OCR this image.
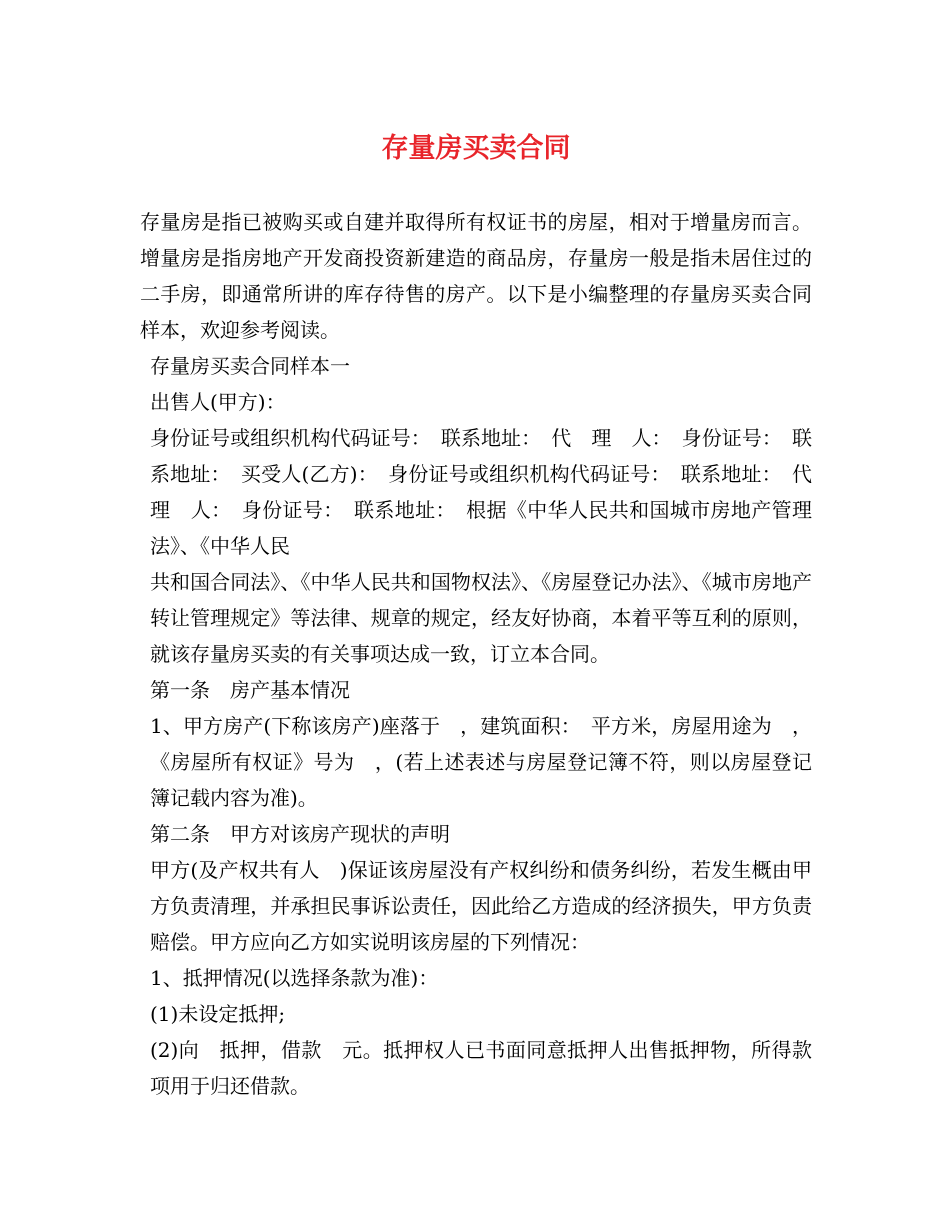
存量房买卖合同

存量房是指已被购买或自建并取得所有权证书的房屋，相对于增量房而言。增量房是指房地产开发商投资新建造的商品房，存量房一般是指未居住过的二手房，即通常所讲的库存待售的房产。以下是小编整理的存量房买卖合同样本，欢迎参考阅读。

存量房买卖合同样本一

出售人(甲方)：

身份证号或组织机构代码证号：　联系地址：　代　理　人：　身份证号：　联系地址：　买受人(乙方)：　身份证号或组织机构代码证号：　联系地址：　代　理　人：　身份证号：　联系地址：　根据《中华人民共和国城市房地产管理法》、《中华人民

共和国合同法》、《中华人民共和国物权法》、《房屋登记办法》、《城市房地产转让管理规定》等法律、规章的规定，经友好协商，本着平等互利的原则，就该存量房买卖的有关事项达成一致，订立本合同。

第一条　房产基本情况

1、甲方房产(下称该房产)座落于　，建筑面积：　平方米，房屋用途为　，《房屋所有权证》号为　，(若上述表述与房屋登记簿不符，则以房屋登记簿记载内容为准)。

第二条　甲方对该房产现状的声明

甲方(及产权共有人　)保证该房屋没有产权纠纷和债务纠纷，若发生概由甲方负责清理，并承担民事诉讼责任，因此给乙方造成的经济损失，甲方负责赔偿。甲方应向乙方如实说明该房屋的下列情况：

1、抵押情况(以选择条款为准)：

(1)未设定抵押;

(2)向　抵押，借款　元。抵押权人已书面同意抵押人出售抵押物，所得款项用于归还借款。
